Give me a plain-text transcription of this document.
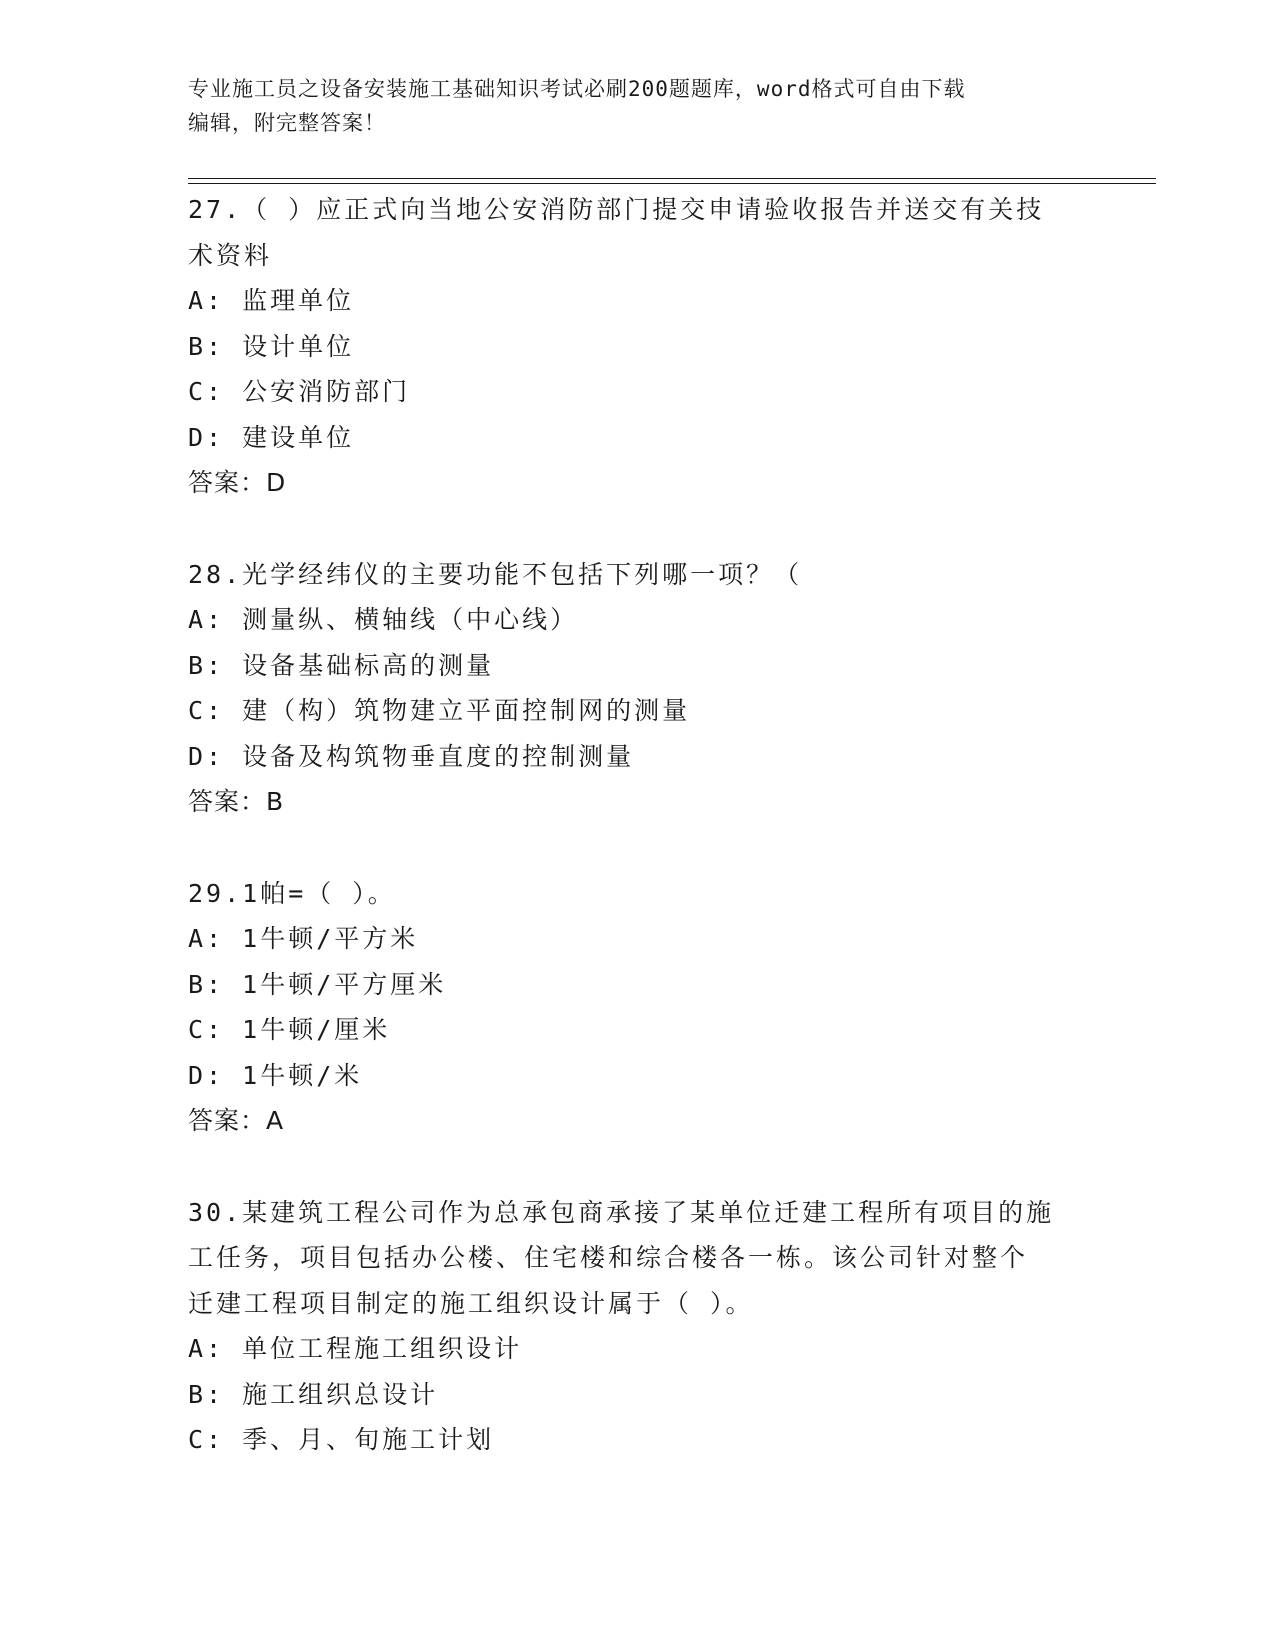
专业施工员之设备安装施工基础知识考试必刷200题题库，word格式可自由下载
编辑，附完整答案！

27.（ ）应正式向当地公安消防部门提交申请验收报告并送交有关技

术资料

A: 监理单位

B: 设计单位

C: 公安消防部门

D: 建设单位

答案：D

28.光学经纬仪的主要功能不包括下列哪一项？（

A: 测量纵、横轴线（中心线）

B: 设备基础标高的测量

C: 建（构）筑物建立平面控制网的测量

D: 设备及构筑物垂直度的控制测量

答案：B

29.1帕=（ ）。

A: 1牛顿/平方米

B: 1牛顿/平方厘米

C: 1牛顿/厘米

D: 1牛顿/米

答案：A

30.某建筑工程公司作为总承包商承接了某单位迁建工程所有项目的施

工任务，项目包括办公楼、住宅楼和综合楼各一栋。该公司针对整个

迁建工程项目制定的施工组织设计属于（ ）。

A: 单位工程施工组织设计

B: 施工组织总设计

C: 季、月、旬施工计划
